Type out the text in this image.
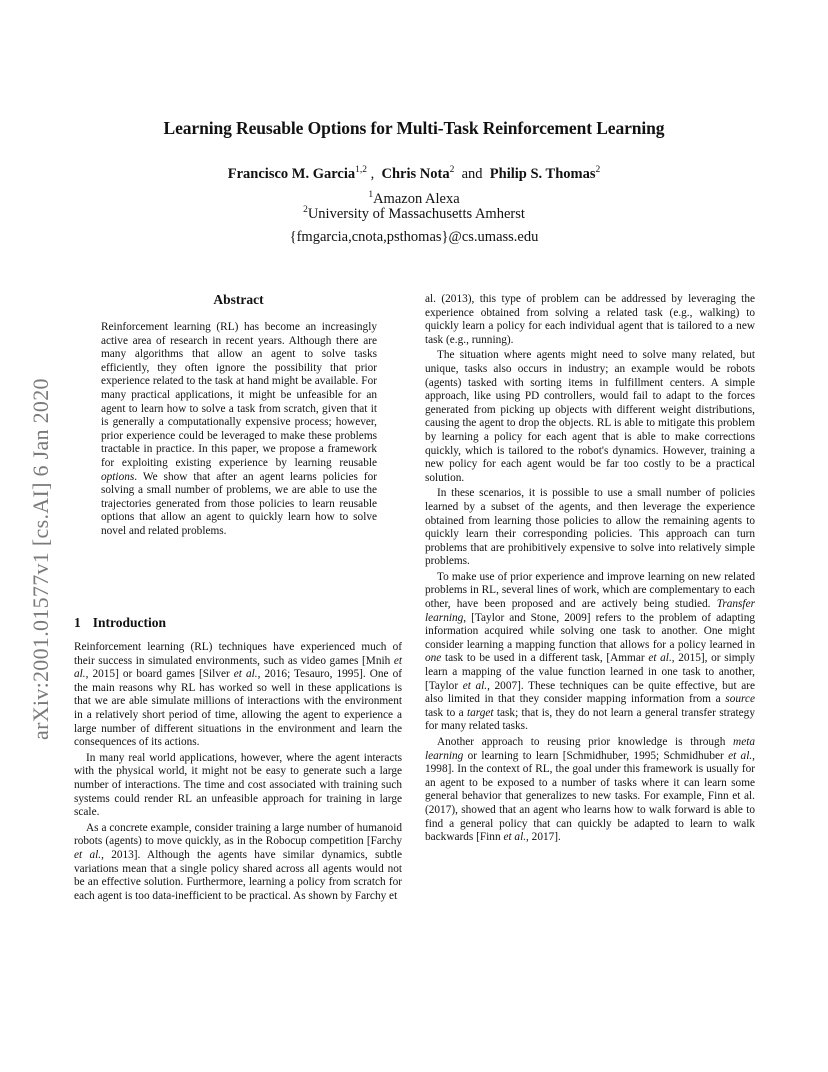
arXiv:2001.01577v1 [cs.AI] 6 Jan 2020
Learning Reusable Options for Multi-Task Reinforcement Learning
Francisco M. Garcia$^{1,2}$ , Chris Nota$^2$ and Philip S. Thomas$^2$
$^1$Amazon Alexa
$^2$University of Massachusetts Amherst
{fmgarcia,cnota,psthomas}@cs.umass.edu
Abstract

Reinforcement learning (RL) has become an increasingly active area of research in recent years. Although there are many algorithms that allow an agent to solve tasks efficiently, they often ignore the possibility that prior experience related to the task at hand might be available. For many practical applications, it might be unfeasible for an agent to learn how to solve a task from scratch, given that it is generally a computationally expensive process; however, prior experience could be leveraged to make these problems tractable in practice. In this paper, we propose a framework for exploiting existing experience by learning reusable options. We show that after an agent learns policies for solving a small number of problems, we are able to use the trajectories generated from those policies to learn reusable options that allow an agent to quickly learn how to solve novel and related problems.

1 Introduction

Reinforcement learning (RL) techniques have experienced much of their success in simulated environments, such as video games [Mnih et al., 2015] or board games [Silver et al., 2016; Tesauro, 1995]. One of the main reasons why RL has worked so well in these applications is that we are able simulate millions of interactions with the environment in a relatively short period of time, allowing the agent to experience a large number of different situations in the environment and learn the consequences of its actions.

In many real world applications, however, where the agent interacts with the physical world, it might not be easy to generate such a large number of interactions. The time and cost associated with training such systems could render RL an unfeasible approach for training in large scale.

As a concrete example, consider training a large number of humanoid robots (agents) to move quickly, as in the Robocup competition [Farchy et al., 2013]. Although the agents have similar dynamics, subtle variations mean that a single policy shared across all agents would not be an effective solution. Furthermore, learning a policy from scratch for each agent is too data-inefficient to be practical. As shown by Farchy et

al. (2013), this type of problem can be addressed by leveraging the experience obtained from solving a related task (e.g., walking) to quickly learn a policy for each individual agent that is tailored to a new task (e.g., running).

The situation where agents might need to solve many related, but unique, tasks also occurs in industry; an example would be robots (agents) tasked with sorting items in fulfillment centers. A simple approach, like using PD controllers, would fail to adapt to the forces generated from picking up objects with different weight distributions, causing the agent to drop the objects. RL is able to mitigate this problem by learning a policy for each agent that is able to make corrections quickly, which is tailored to the robot's dynamics. However, training a new policy for each agent would be far too costly to be a practical solution.

In these scenarios, it is possible to use a small number of policies learned by a subset of the agents, and then leverage the experience obtained from learning those policies to allow the remaining agents to quickly learn their corresponding policies. This approach can turn problems that are prohibitively expensive to solve into relatively simple problems.

To make use of prior experience and improve learning on new related problems in RL, several lines of work, which are complementary to each other, have been proposed and are actively being studied. Transfer learning, [Taylor and Stone, 2009] refers to the problem of adapting information acquired while solving one task to another. One might consider learning a mapping function that allows for a policy learned in one task to be used in a different task, [Ammar et al., 2015], or simply learn a mapping of the value function learned in one task to another, [Taylor et al., 2007]. These techniques can be quite effective, but are also limited in that they consider mapping information from a source task to a target task; that is, they do not learn a general transfer strategy for many related tasks.

Another approach to reusing prior knowledge is through meta learning or learning to learn [Schmidhuber, 1995; Schmidhuber et al., 1998]. In the context of RL, the goal under this framework is usually for an agent to be exposed to a number of tasks where it can learn some general behavior that generalizes to new tasks. For example, Finn et al. (2017), showed that an agent who learns how to walk forward is able to find a general policy that can quickly be adapted to learn to walk backwards [Finn et al., 2017].
